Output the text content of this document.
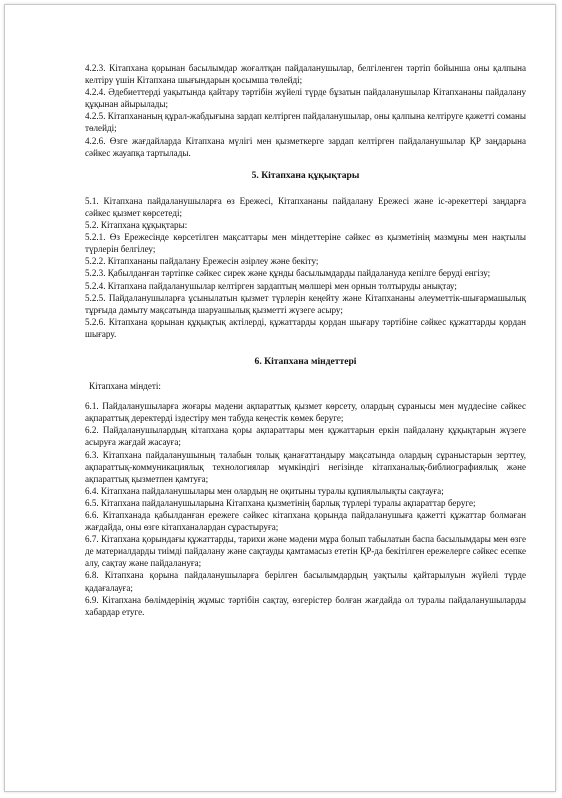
4.2.3. Кітапхана қорынан басылымдар жоғалтқан пайдаланушылар, белгіленген тәртіп бойынша оны қалпына келтіру үшін Кітапхана шығындарын қосымша төлейді;

4.2.4. Әдебиеттерді уақытында қайтару тәртібін жүйелі түрде бұзатын пайдаланушылар Кітапхананы пайдалану құқынан айырылады;

4.2.5. Кітапхананың құрал-жабдығына зардап келтірген пайдаланушылар, оны қалпына келтіруге қажетті соманы төлейді;

4.2.6. Өзге жағдайларда Кітапхана мүлігі мен қызметкерге зардап келтірген пайдаланушылар ҚР заңдарына сәйкес жауапқа тартылады.

5. Кітапхана құқықтары

5.1. Кітапхана пайдаланушыларға өз Ережесі, Кітапхананы пайдалану Ережесі және іс-әрекеттері заңдарға сәйкес қызмет көрсетеді;

5.2. Кітапхана құқықтары:

5.2.1. Өз Ережесінде көрсетілген мақсаттары мен міндеттеріне сәйкес өз қызметінің мазмұны мен нақтылы түрлерін белгілеу;

5.2.2. Кітапхананы пайдалану Ережесін әзірлеу және бекіту;

5.2.3. Қабылданған тәртіпке сәйкес сирек және құнды басылымдарды пайдалануда кепілге беруді енгізу;

5.2.4. Кітапхана пайдаланушылар келтірген зардаптың мөлшері мен орнын толтыруды анықтау;

5.2.5. Пайдаланушыларға ұсынылатын қызмет түрлерін кеңейту және Кітапхананы әлеуметтік-шығармашылық тұрғыда дамыту мақсатында шаруашылық қызметті жүзеге асыру;

5.2.6. Кітапхана қорынан құқықтық актілерді, құжаттарды қордан шығару тәртібіне сәйкес құжаттарды қордан шығару.

6. Кітапхана міндеттері

Кітапхана міндеті:

6.1. Пайдаланушыларға жоғары мәдени ақпараттық қызмет көрсету, олардың сұранысы мен мүддесіне сәйкес ақпараттық деректерді іздестіру мен табуда кеңестік көмек беруге;

6.2. Пайдаланушылардың кітапхана қоры ақпараттары мен құжаттарын еркін пайдалану құқықтарын жүзеге асыруға жағдай жасауға;

6.3. Кітапхана пайдаланушының талабын толық қанағаттандыру мақсатында олардың сұраныстарын зерттеу, ақпараттық-коммуникациялық технологиялар мүмкіндігі негізінде кітапханалық-библиографиялық және ақпараттық қызметпен қамтуға;

6.4. Кітапхана пайдаланушылары мен олардың не оқитыны туралы құпиялылықты сақтауға;

6.5. Кітапхана пайдаланушыларына Кітапхана қызметінің барлық түрлері туралы ақпараттар беруге;

6.6. Кітапханада қабылданған ережеге сәйкес кітапхана қорында пайдаланушыға қажетті құжаттар болмаған жағдайда, оны өзге кітапханалардан сұрастыруға;

6.7. Кітапхана қорындағы құжаттарды, тарихи және мәдени мұра болып табылатын баспа басылымдары мен өзге де материалдарды тиімді пайдалану және сақтауды қамтамасыз ететін ҚР-да бекітілген ережелерге сәйкес есепке алу, сақтау және пайдалануға;

6.8. Кітапхана қорына пайдаланушыларға берілген басылымдардың уақтылы қайтарылуын жүйелі түрде қадағалауға;

6.9. Кітапхана бөлімдерінің жұмыс тәртібін сақтау, өзгерістер болған жағдайда ол туралы пайдаланушыларды хабардар етуге.
